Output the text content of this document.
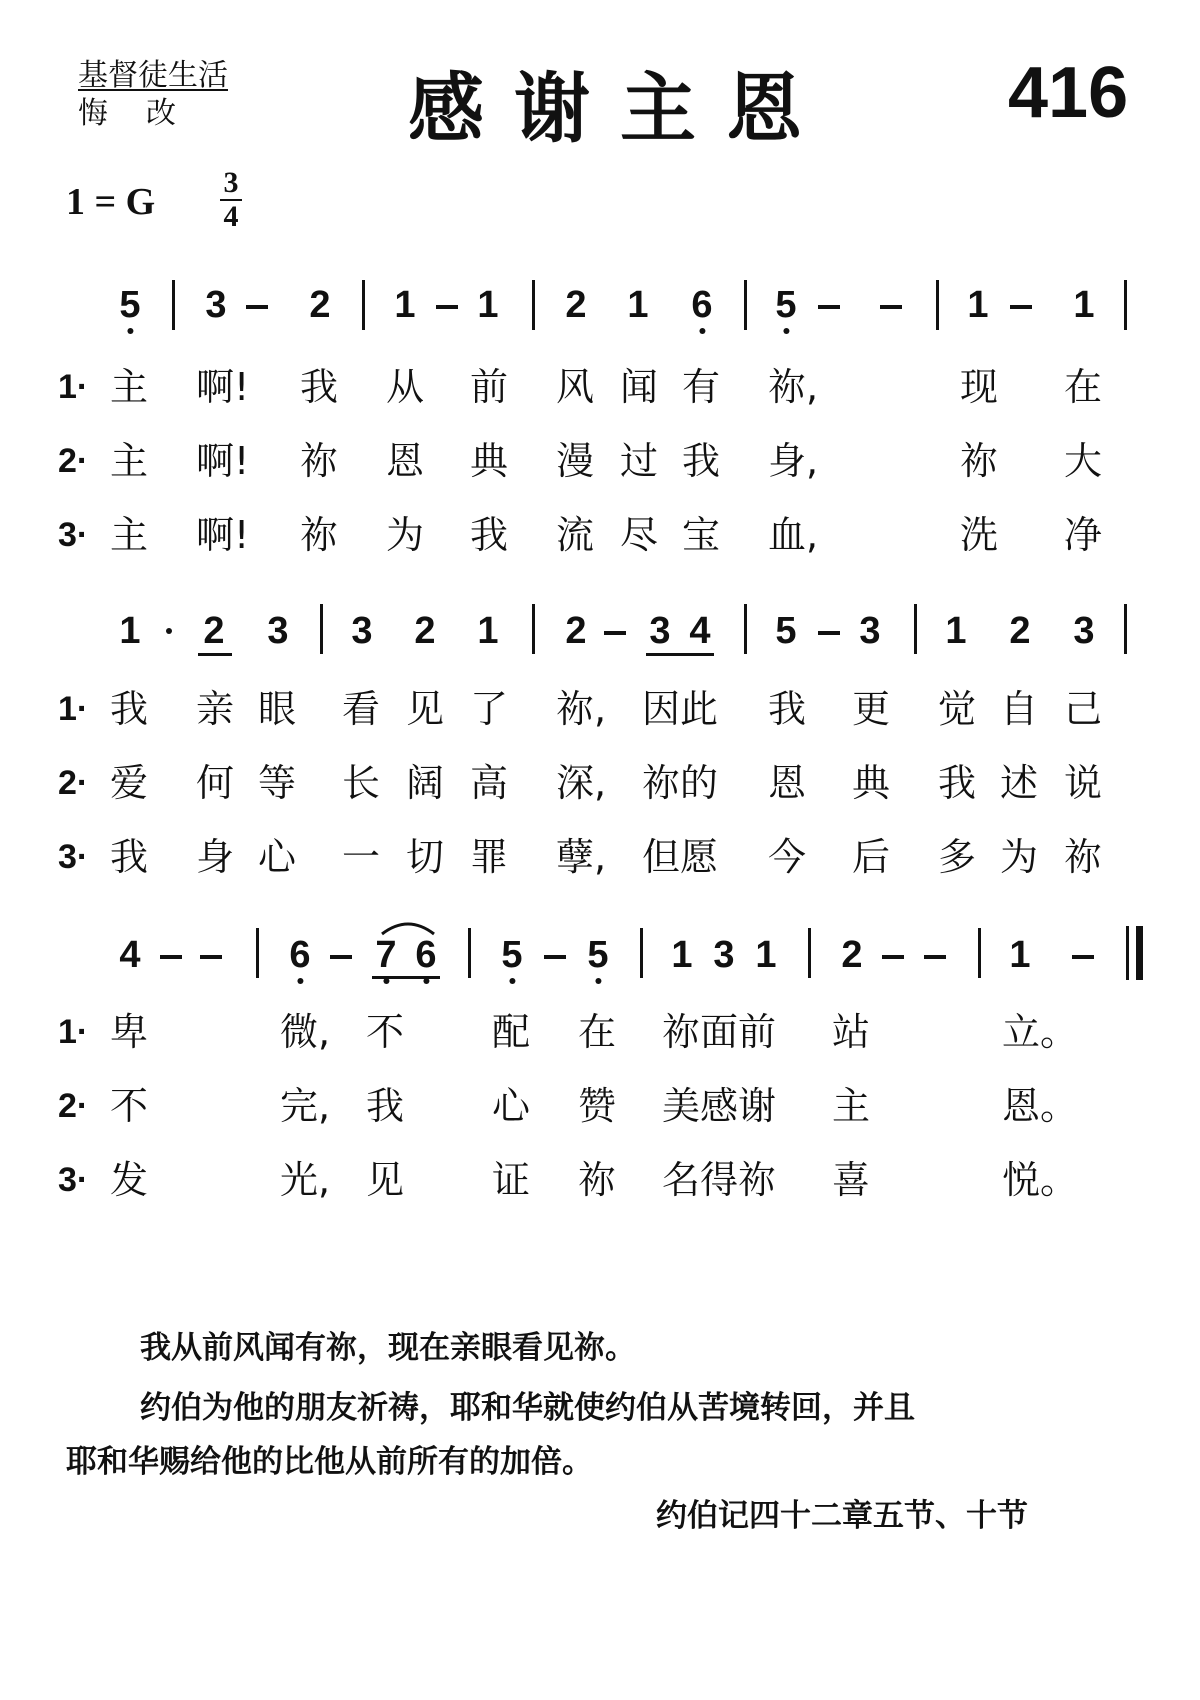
基督徒生活
悔 改	感谢主恩 416
1 = G 3
4
5 3 2 1 1 2 1 6 5	1 1
1· 主 啊! 我 从 前 风 闻 有 祢,	现 在
2· 主 啊! 祢 恩 典 漫 过 我 身,	祢 大
3· 主 啊! 祢 为 我 流 尽 宝 血,	洗 净
1 2 3 3 2 1 2 3 4 5 3 1 2 3
1· 我 亲 眼 看 见 了 祢, 因此 我 更 觉 自 己
2· 爱 何 等 长 阔 高 深, 祢的 恩 典 我 述 说
3· 我 身 心 一 切 罪 孽, 但愿 今 后 多 为 祢
4	6 7 6 5 5 1 3 1 2	1
1· 卑	微, 不 配 在 祢面前 站	立。
2· 不	完, 我 心 赞 美感谢 主	恩。
3· 发	光, 见 证 祢 名得祢 喜	悦。
我从前风闻有祢，现在亲眼看见祢。
约伯为他的朋友祈祷，耶和华就使约伯从苦境转回，并且
耶和华赐给他的比他从前所有的加倍。
约伯记四十二章五节、十节
